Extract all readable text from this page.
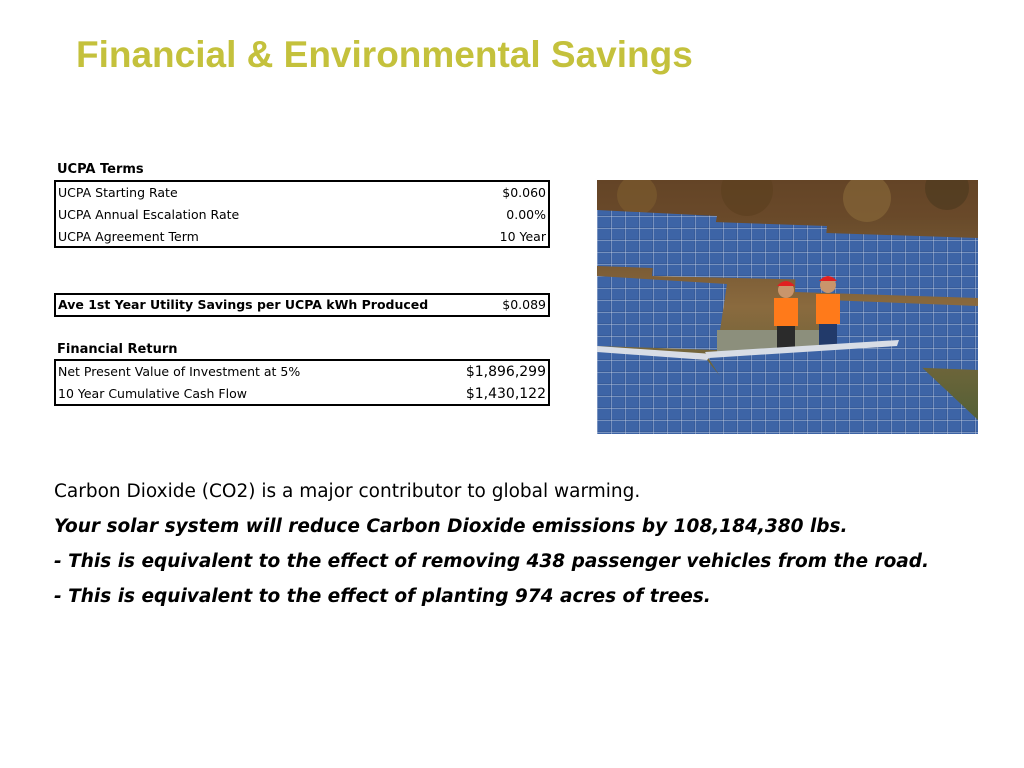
Financial & Environmental Savings
UCPA Terms
UCPA Starting Rate	$0.060
UCPA Annual Escalation Rate	0.00%
UCPA Agreement Term	10 Year
Ave 1st Year Utility Savings per UCPA kWh Produced	$0.089
Financial Return
Net Present Value of Investment at 5%	$1,896,299
10 Year Cumulative Cash Flow	$1,430,122
Carbon Dioxide (CO2) is a major contributor to global warming.
Your solar system will reduce Carbon Dioxide emissions by 108,184,380 lbs.
- This is equivalent to the effect of removing 438 passenger vehicles from the road.
- This is equivalent to the effect of planting 974 acres of trees.
